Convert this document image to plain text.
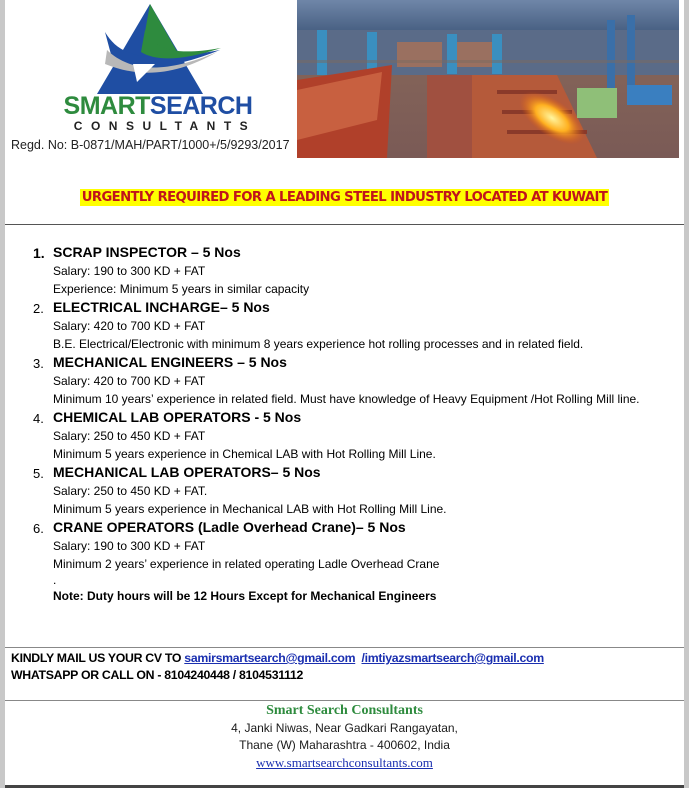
SMARTSEARCH
CONSULTANTS
Regd. No: B-0871/MAH/PART/1000+/5/9293/2017
URGENTLY REQUIRED FOR A LEADING STEEL INDUSTRY LOCATED AT KUWAIT
1. SCRAP INSPECTOR – 5 Nos

Salary: 190 to 300 KD + FAT

Experience: Minimum 5 years in similar capacity

2. ELECTRICAL INCHARGE– 5 Nos

Salary: 420 to 700 KD + FAT

B.E. Electrical/Electronic with minimum 8 years experience hot rolling processes and in related field.

3. MECHANICAL ENGINEERS – 5 Nos

Salary: 420 to 700 KD + FAT

Minimum 10 years’ experience in related field. Must have knowledge of Heavy Equipment /Hot Rolling Mill line.

4. CHEMICAL LAB OPERATORS - 5 Nos

Salary: 250 to 450 KD + FAT

Minimum 5 years experience in Chemical LAB with Hot Rolling Mill Line.

5. MECHANICAL LAB OPERATORS– 5 Nos

Salary: 250 to 450 KD + FAT.

Minimum 5 years experience in Mechanical LAB with Hot Rolling Mill Line.

6. CRANE OPERATORS (Ladle Overhead Crane)– 5 Nos

Salary: 190 to 300 KD + FAT

Minimum 2 years’ experience in related operating Ladle Overhead Crane

.
Note: Duty hours will be 12 Hours Except for Mechanical Engineers
KINDLY MAIL US YOUR CV TO samirsmartsearch@gmail.com /imtiyazsmartsearch@gmail.com
WHATSAPP OR CALL ON - 8104240448 / 8104531112
Smart Search Consultants
4, Janki Niwas, Near Gadkari Rangayatan,
Thane (W) Maharashtra - 400602, India
www.smartsearchconsultants.com
